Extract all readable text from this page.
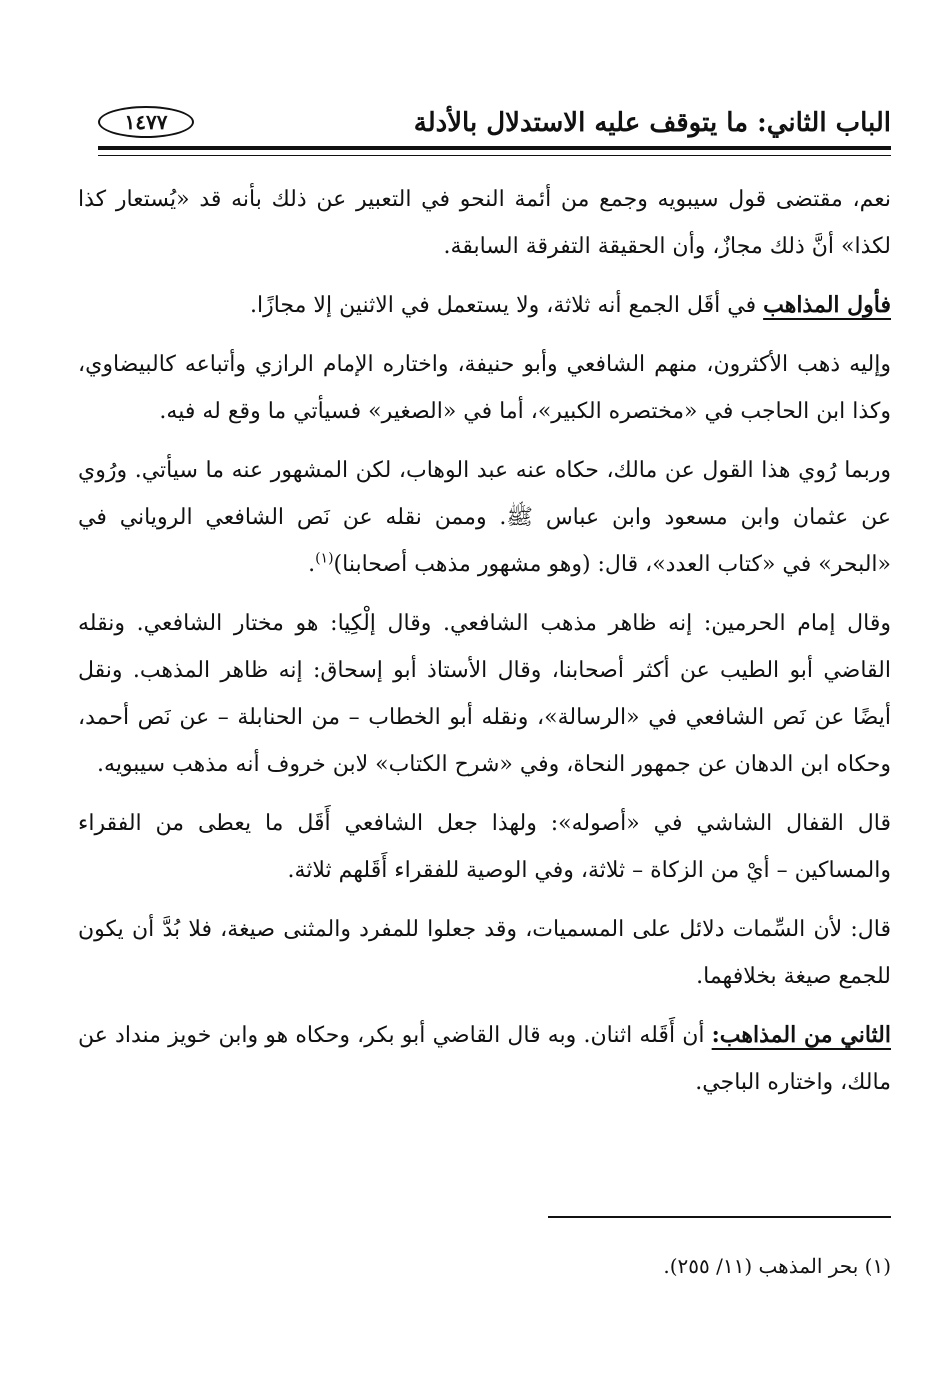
الباب الثاني: ما يتوقف عليه الاستدلال بالأدلة
١٤٧٧

نعم، مقتضى قول سيبويه وجمع من أئمة النحو في التعبير عن ذلك بأنه قد «يُستعار كذا لكذا» أنَّ ذلك مجازٌ، وأن الحقيقة التفرقة السابقة.

فأول المذاهب في أقَل الجمع أنه ثلاثة، ولا يستعمل في الاثنين إلا مجازًا.

وإليه ذهب الأكثرون، منهم الشافعي وأبو حنيفة، واختاره الإمام الرازي وأتباعه كالبيضاوي، وكذا ابن الحاجب في «مختصره الكبير»، أما في «الصغير» فسيأتي ما وقع له فيه.

وربما رُوي هذا القول عن مالك، حكاه عنه عبد الوهاب، لكن المشهور عنه ما سيأتي. ورُوي عن عثمان وابن مسعود وابن عباس ﷺ. وممن نقله عن نَص الشافعي الروياني في «البحر» في «كتاب العدد»، قال: (وهو مشهور مذهب أصحابنا)$^{(١)}$.

وقال إمام الحرمين: إنه ظاهر مذهب الشافعي. وقال إلْكِيا: هو مختار الشافعي. ونقله القاضي أبو الطيب عن أكثر أصحابنا، وقال الأستاذ أبو إسحاق: إنه ظاهر المذهب. ونقل أيضًا عن نَص الشافعي في «الرسالة»، ونقله أبو الخطاب – من الحنابلة – عن نَص أحمد، وحكاه ابن الدهان عن جمهور النحاة، وفي «شرح الكتاب» لابن خروف أنه مذهب سيبويه.

قال القفال الشاشي في «أصوله»: ولهذا جعل الشافعي أَقَل ما يعطى من الفقراء والمساكين – أيْ من الزكاة – ثلاثة، وفي الوصية للفقراء أَقَلهم ثلاثة.

قال: لأن السِّمات دلائل على المسميات، وقد جعلوا للمفرد والمثنى صيغة، فلا بُدَّ أن يكون للجمع صيغة بخلافهما.

الثاني من المذاهب: أن أَقَله اثنان. وبه قال القاضي أبو بكر، وحكاه هو وابن خويز منداد عن مالك، واختاره الباجي.

(١) بحر المذهب (١١/ ٢٥٥).
